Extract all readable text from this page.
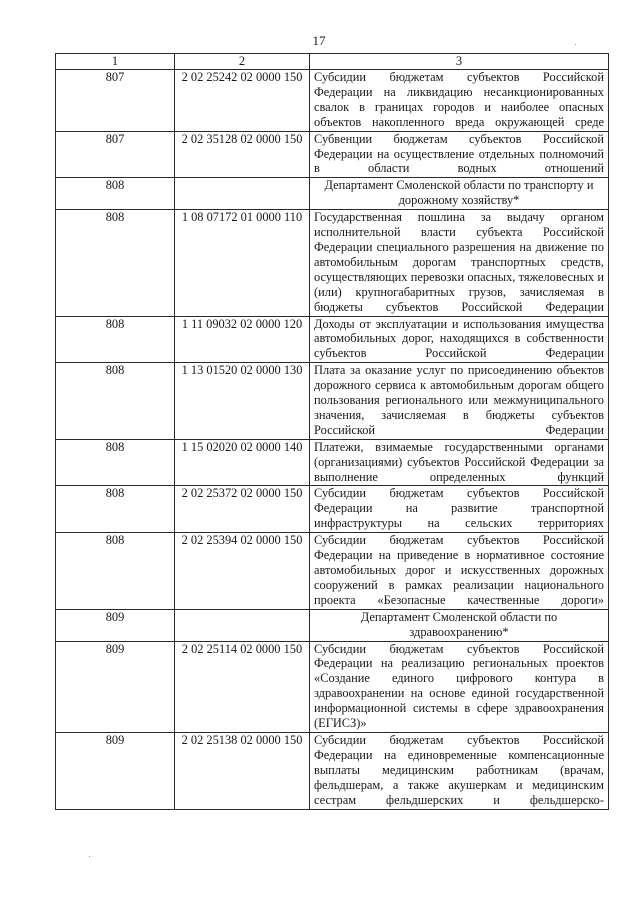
17
1	2	3
807	2 02 25242 02 0000 150	Субсидии бюджетам субъектов Российской Федерации на ликвидацию несанкционированных свалок в границах городов и наиболее опасных объектов накопленного вреда окружающей среде
807	2 02 35128 02 0000 150	Субвенции бюджетам субъектов Российской Федерации на осуществление отдельных полномочий в области водных отношений
808		Департамент Смоленской области по транспорту и дорожному хозяйству*
808	1 08 07172 01 0000 110	Государственная пошлина за выдачу органом исполнительной власти субъекта Российской Федерации специального разрешения на движение по автомобильным дорогам транспортных средств, осуществляющих перевозки опасных, тяжеловесных и (или) крупногабаритных грузов, зачисляемая в бюджеты субъектов Российской Федерации
808	1 11 09032 02 0000 120	Доходы от эксплуатации и использования имущества автомобильных дорог, находящихся в собственности субъектов Российской Федерации
808	1 13 01520 02 0000 130	Плата за оказание услуг по присоединению объектов дорожного сервиса к автомобильным дорогам общего пользования регионального или межмуниципального значения, зачисляемая в бюджеты субъектов Российской Федерации
808	1 15 02020 02 0000 140	Платежи, взимаемые государственными органами (организациями) субъектов Российской Федерации за выполнение определенных функций
808	2 02 25372 02 0000 150	Субсидии бюджетам субъектов Российской Федерации на развитие транспортной инфраструктуры на сельских территориях
808	2 02 25394 02 0000 150	Субсидии бюджетам субъектов Российской Федерации на приведение в нормативное состояние автомобильных дорог и искусственных дорожных сооружений в рамках реализации национального проекта «Безопасные качественные дороги»
809		Департамент Смоленской области по здравоохранению*
809	2 02 25114 02 0000 150	Субсидии бюджетам субъектов Российской Федерации на реализацию региональных проектов «Создание единого цифрового контура в здравоохранении на основе единой государственной информационной системы в сфере здравоохранения (ЕГИСЗ)»
809	2 02 25138 02 0000 150	Субсидии бюджетам субъектов Российской Федерации на единовременные компенсационные выплаты медицинским работникам (врачам, фельдшерам, а также акушеркам и медицинским сестрам фельдшерских и фельдшерско-
